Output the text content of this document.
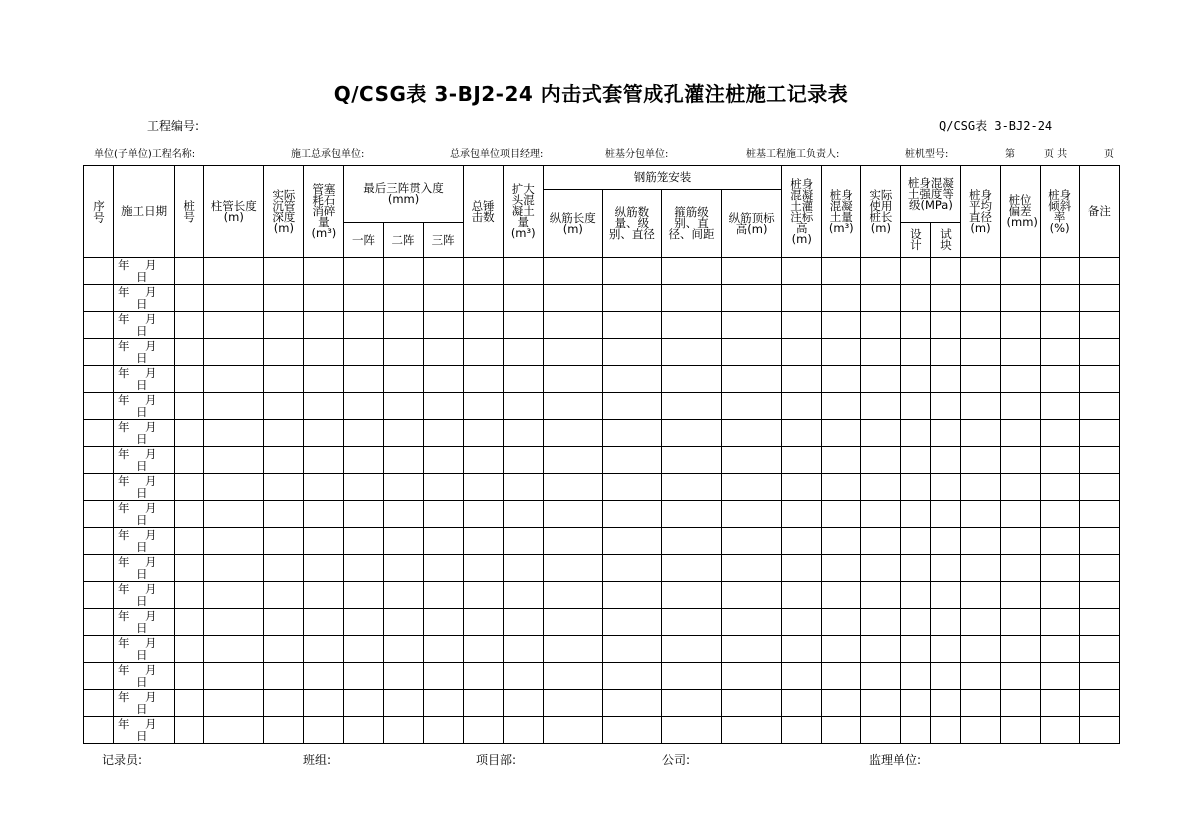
Q/CSG表 3-BJ2-24 内击式套管成孔灌注桩施工记录表
工程编号:	Q/CSG表 3-BJ2-24
单位(子单位)工程名称:	施工总承包单位:	总承包单位项目经理:	桩基分包单位:	桩基工程施工负责人:	桩机型号:	第	页 共	页
序号	施工日期	桩号	柱管长度(m)	实际沉管深度(m)	管塞耗石消碎量(m³)	最后三阵贯入度(mm)			总锤击数	扩大头混凝土量(m³)	钢筋笼安装				桩身混凝土灌注标高(m)	桩身混凝土量(m³)	实际使用桩长(m)	桩身混凝土强度等级(MPa)		桩身平均直径(m)	桩位偏差(mm)	桩身倾斜率(%)	备注
											纵筋长度(m)	纵筋数量、级别、直径	箍筋级别、直径、间距	纵筋顶标高(m)									
						一阵	二阵	三阵										设计	试块				

	年 月
日																						

	年 月
日																						

	年 月
日																						

	年 月
日																						

	年 月
日																						

	年 月
日																						

	年 月
日																						

	年 月
日																						

	年 月
日																						

	年 月
日																						

	年 月
日																						

	年 月
日																						

	年 月
日																						

	年 月
日																						

	年 月
日																						

	年 月
日																						

	年 月
日																						

	年 月
日																						

记录员:	班组:	项目部:	公司:	监理单位:
